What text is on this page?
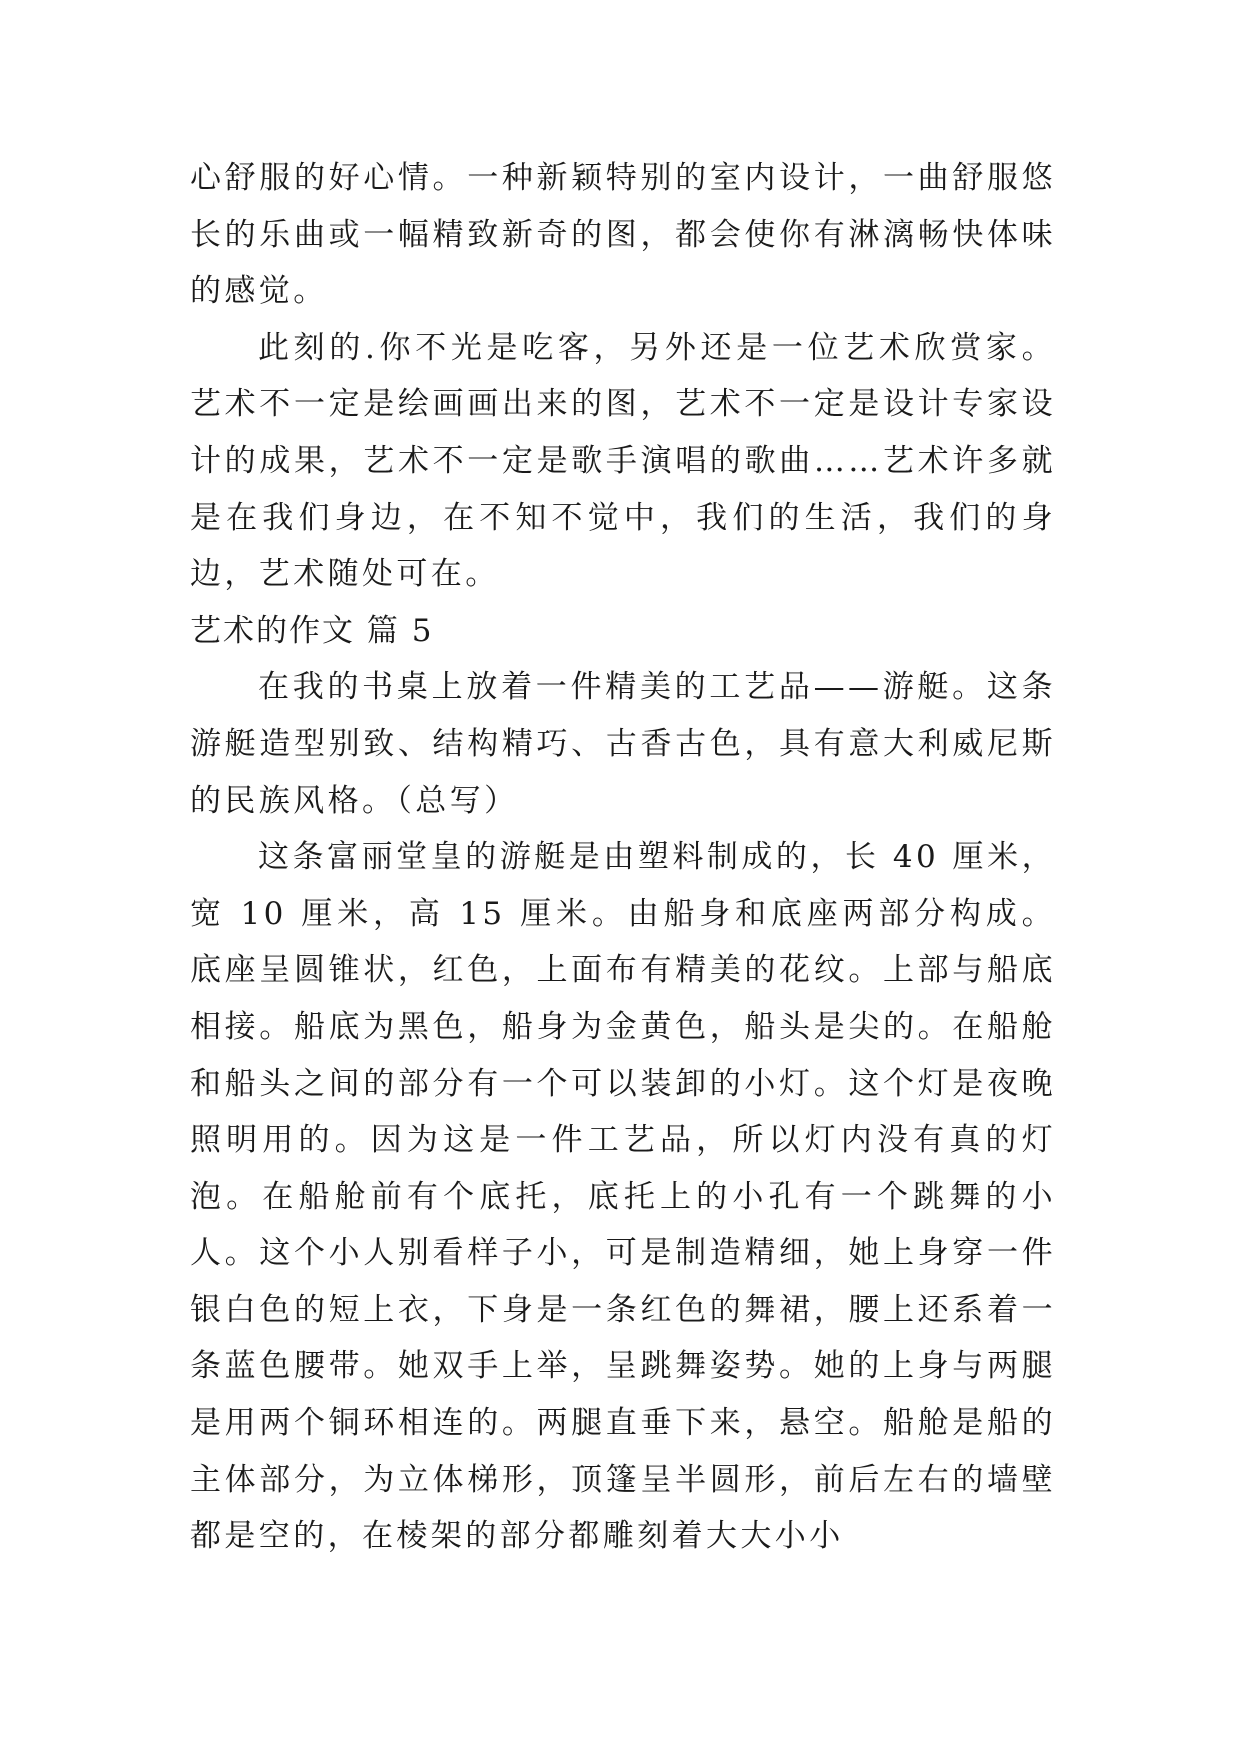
心舒服的好心情。一种新颖特别的室内设计，一曲舒服悠长的乐曲或一幅精致新奇的图，都会使你有淋漓畅快体味的感觉。

此刻的.你不光是吃客，另外还是一位艺术欣赏家。艺术不一定是绘画画出来的图，艺术不一定是设计专家设计的成果，艺术不一定是歌手演唱的歌曲……艺术许多就是在我们身边，在不知不觉中，我们的生活，我们的身边，艺术随处可在。

艺术的作文 篇 5

在我的书桌上放着一件精美的工艺品——游艇。这条游艇造型别致、结构精巧、古香古色，具有意大利威尼斯的民族风格。（总写）

这条富丽堂皇的游艇是由塑料制成的，长 40 厘米，宽 10 厘米，高 15 厘米。由船身和底座两部分构成。底座呈圆锥状，红色，上面布有精美的花纹。上部与船底相接。船底为黑色，船身为金黄色，船头是尖的。在船舱和船头之间的部分有一个可以装卸的小灯。这个灯是夜晚照明用的。因为这是一件工艺品，所以灯内没有真的灯泡。在船舱前有个底托，底托上的小孔有一个跳舞的小人。这个小人别看样子小，可是制造精细，她上身穿一件银白色的短上衣，下身是一条红色的舞裙，腰上还系着一条蓝色腰带。她双手上举，呈跳舞姿势。她的上身与两腿是用两个铜环相连的。两腿直垂下来，悬空。船舱是船的主体部分，为立体梯形，顶篷呈半圆形，前后左右的墙壁都是空的，在棱架的部分都雕刻着大大小小
